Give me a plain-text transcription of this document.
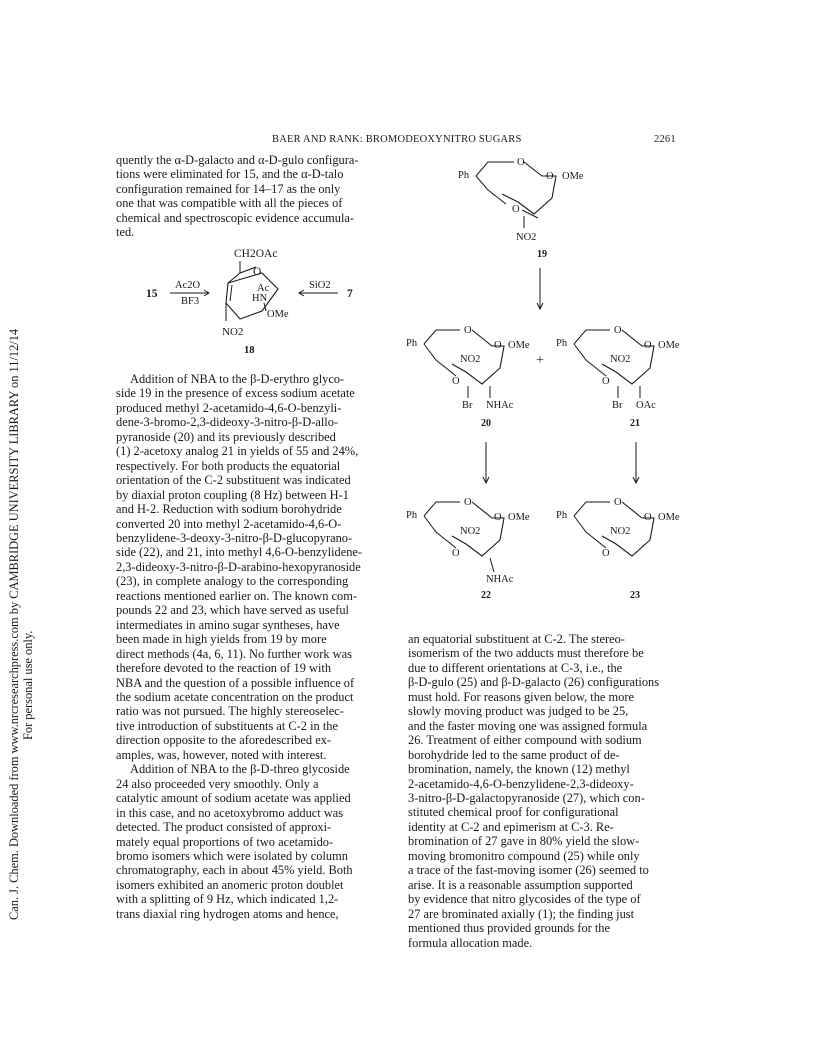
Can. J. Chem. Downloaded from www.nrcresearchpress.com by CAMBRIDGE UNIVERSITY LIBRARY on 11/12/14 For personal use only.
BAER AND RANK: BROMODEOXYNITRO SUGARS	2261

quently the α-D-galacto and α-D-gulo configura-

tions were eliminated for 15, and the α-D-talo

configuration remained for 14–17 as the only

one that was compatible with all the pieces of

chemical and spectroscopic evidence accumula-

ted.

CH2OAc
O
15
Ac2O
BF3
Ac
HN
OMe
NO2
SiO2
7
18

Addition of NBA to the β-D-erythro glyco-

side 19 in the presence of excess sodium acetate

produced methyl 2-acetamido-4,6-O-benzyli-

dene-3-bromo-2,3-dideoxy-3-nitro-β-D-allo-

pyranoside (20) and its previously described

(1) 2-acetoxy analog 21 in yields of 55 and 24%,

respectively. For both products the equatorial

orientation of the C-2 substituent was indicated

by diaxial proton coupling (8 Hz) between H-1

and H-2. Reduction with sodium borohydride

converted 20 into methyl 2-acetamido-4,6-O-

benzylidene-3-deoxy-3-nitro-β-D-glucopyrano-

side (22), and 21, into methyl 4,6-O-benzylidene-

2,3-dideoxy-3-nitro-β-D-arabino-hexopyranoside

(23), in complete analogy to the corresponding

reactions mentioned earlier on. The known com-

pounds 22 and 23, which have served as useful

intermediates in amino sugar syntheses, have

been made in high yields from 19 by more

direct methods (4a, 6, 11). No further work was

therefore devoted to the reaction of 19 with

NBA and the question of a possible influence of

the sodium acetate concentration on the product

ratio was not pursued. The highly stereoselec-

tive introduction of substituents at C-2 in the

direction opposite to the aforedescribed ex-

amples, was, however, noted with interest.

Addition of NBA to the β-D-threo glycoside

24 also proceeded very smoothly. Only a

catalytic amount of sodium acetate was applied

in this case, and no acetoxybromo adduct was

detected. The product consisted of approxi-

mately equal proportions of two acetamido-

bromo isomers which were isolated by column

chromatography, each in about 45% yield. Both

isomers exhibited an anomeric proton doublet

with a splitting of 9 Hz, which indicated 1,2-

trans diaxial ring hydrogen atoms and hence,

Ph
O
O OMe
O
NO2
19
Ph
O
O OMe
NO2
O
Br NHAc
20
+
Ph
O
O OMe
NO2
O
Br OAc
21
Ph
O
O OMe
NO2
O
NHAc
22
Ph
O
O OMe
NO2
O
23

an equatorial substituent at C-2. The stereo-

isomerism of the two adducts must therefore be

due to different orientations at C-3, i.e., the

β-D-gulo (25) and β-D-galacto (26) configurations

must hold. For reasons given below, the more

slowly moving product was judged to be 25,

and the faster moving one was assigned formula

26. Treatment of either compound with sodium

borohydride led to the same product of de-

bromination, namely, the known (12) methyl

2-acetamido-4,6-O-benzylidene-2,3-dideoxy-

3-nitro-β-D-galactopyranoside (27), which con-

stituted chemical proof for configurational

identity at C-2 and epimerism at C-3. Re-

bromination of 27 gave in 80% yield the slow-

moving bromonitro compound (25) while only

a trace of the fast-moving isomer (26) seemed to

arise. It is a reasonable assumption supported

by evidence that nitro glycosides of the type of

27 are brominated axially (1); the finding just

mentioned thus provided grounds for the

formula allocation made.
